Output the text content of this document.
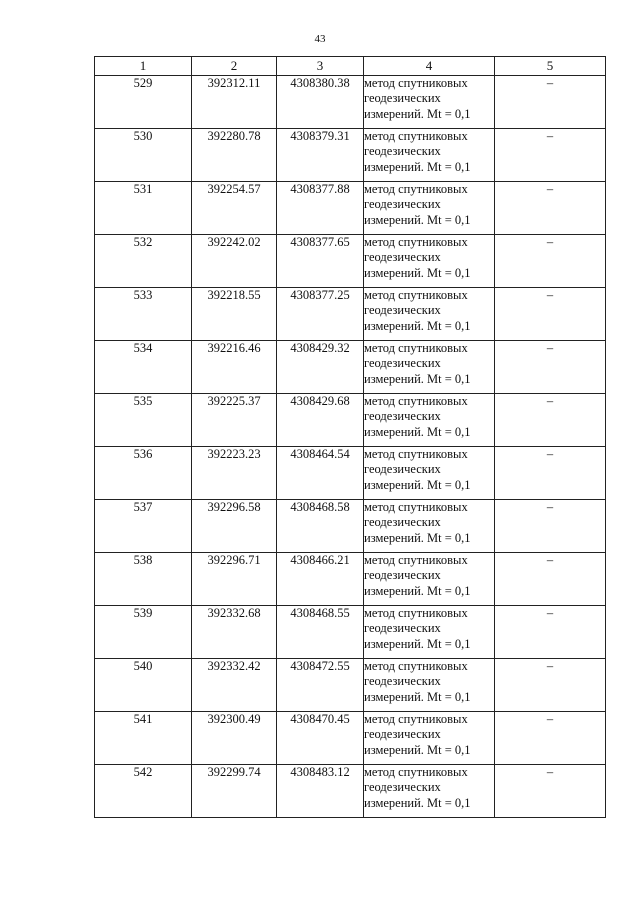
43
1	2	3	4	5
529	392312.11	4308380.38	метод спутниковых геодезических измерений. Mt = 0,1	–
530	392280.78	4308379.31	метод спутниковых геодезических измерений. Mt = 0,1	–
531	392254.57	4308377.88	метод спутниковых геодезических измерений. Mt = 0,1	–
532	392242.02	4308377.65	метод спутниковых геодезических измерений. Mt = 0,1	–
533	392218.55	4308377.25	метод спутниковых геодезических измерений. Mt = 0,1	–
534	392216.46	4308429.32	метод спутниковых геодезических измерений. Mt = 0,1	–
535	392225.37	4308429.68	метод спутниковых геодезических измерений. Mt = 0,1	–
536	392223.23	4308464.54	метод спутниковых геодезических измерений. Mt = 0,1	–
537	392296.58	4308468.58	метод спутниковых геодезических измерений. Mt = 0,1	–
538	392296.71	4308466.21	метод спутниковых геодезических измерений. Mt = 0,1	–
539	392332.68	4308468.55	метод спутниковых геодезических измерений. Mt = 0,1	–
540	392332.42	4308472.55	метод спутниковых геодезических измерений. Mt = 0,1	–
541	392300.49	4308470.45	метод спутниковых геодезических измерений. Mt = 0,1	–
542	392299.74	4308483.12	метод спутниковых геодезических измерений. Mt = 0,1	–
